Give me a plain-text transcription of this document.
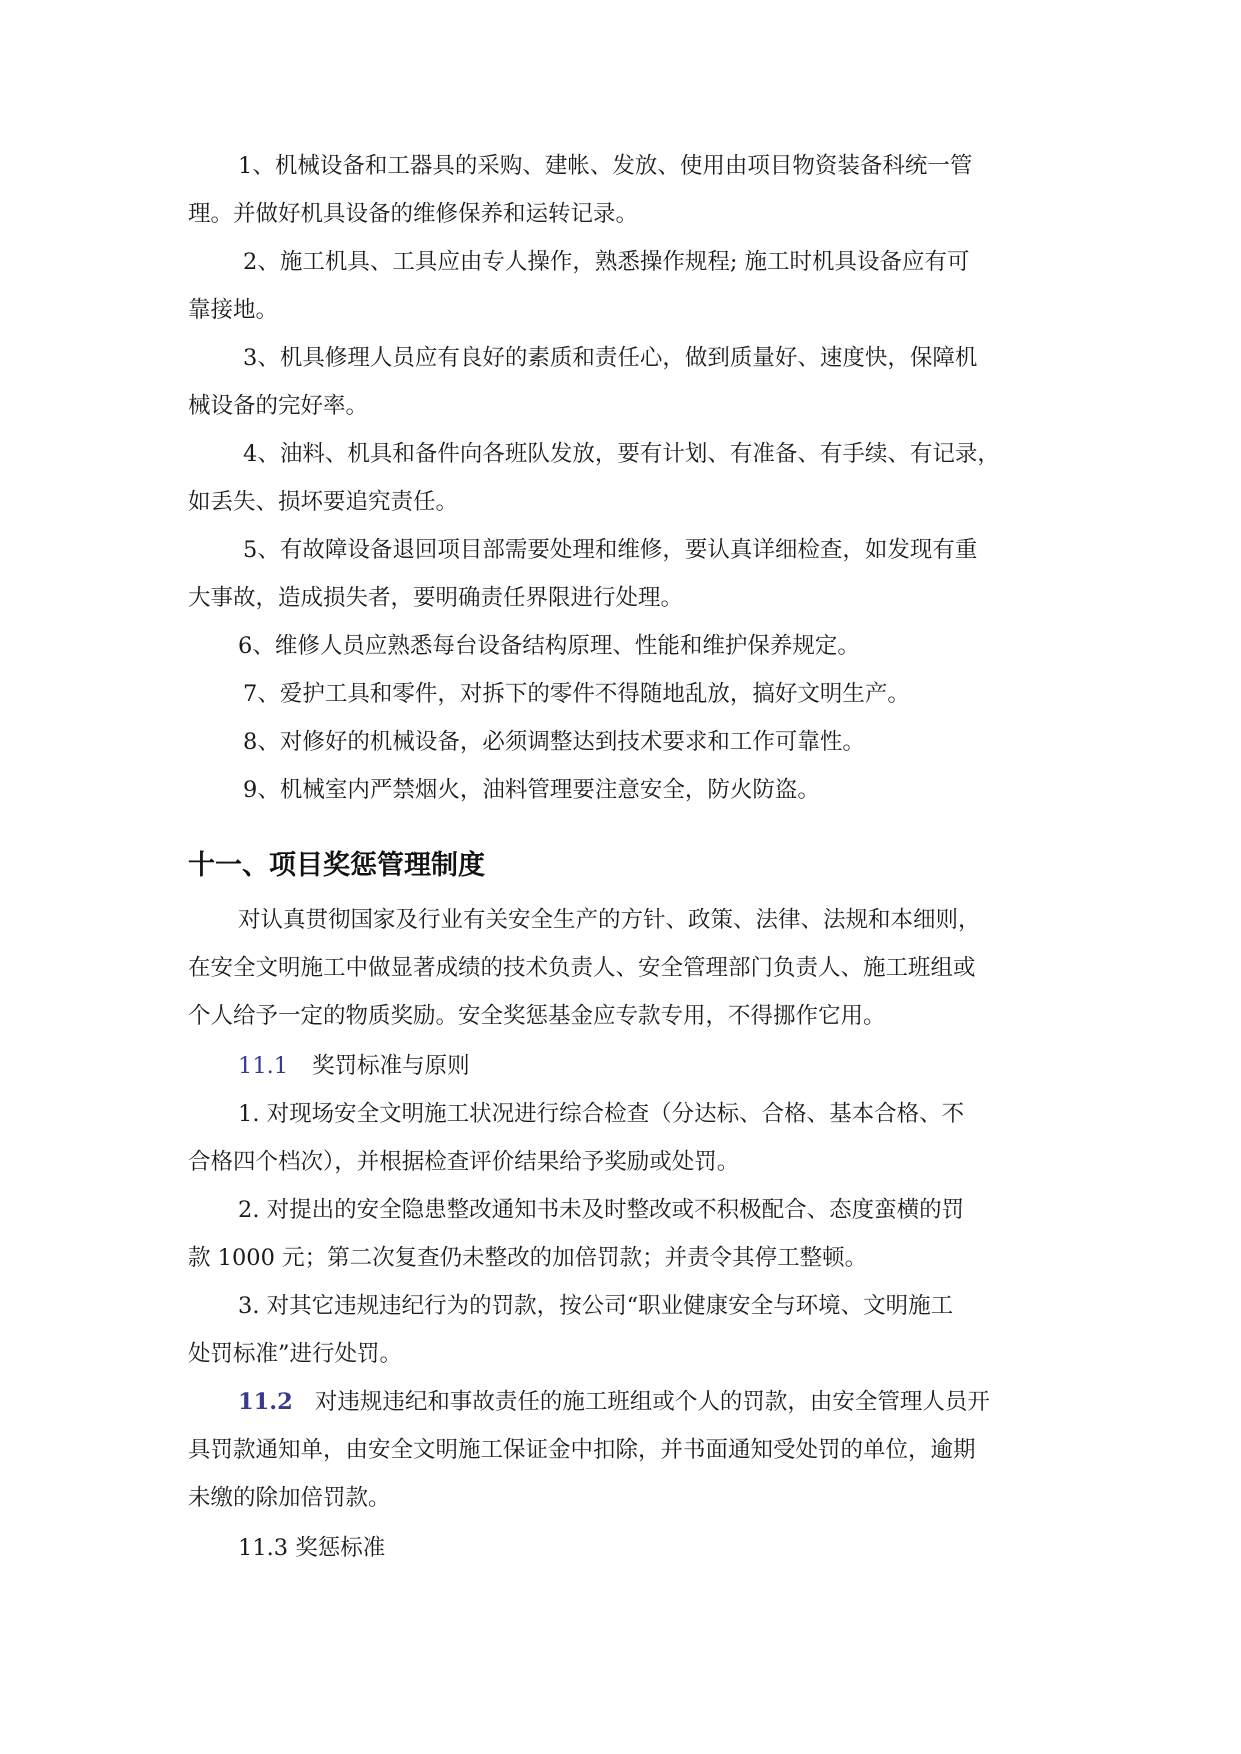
1、机械设备和工器具的采购、建帐、发放、使用由项目物资装备科统一管
理。并做好机具设备的维修保养和运转记录。
2、施工机具、工具应由专人操作，熟悉操作规程; 施工时机具设备应有可
靠接地。
3、机具修理人员应有良好的素质和责任心，做到质量好、速度快，保障机
械设备的完好率。
4、油料、机具和备件向各班队发放，要有计划、有准备、有手续、有记录，
如丢失、损坏要追究责任。
5、有故障设备退回项目部需要处理和维修，要认真详细检查，如发现有重
大事故，造成损失者，要明确责任界限进行处理。
6、维修人员应熟悉每台设备结构原理、性能和维护保养规定。
7、爱护工具和零件，对拆下的零件不得随地乱放，搞好文明生产。
8、对修好的机械设备，必须调整达到技术要求和工作可靠性。
9、机械室内严禁烟火，油料管理要注意安全，防火防盗。
十一、项目奖惩管理制度
对认真贯彻国家及行业有关安全生产的方针、政策、法律、法规和本细则，
在安全文明施工中做显著成绩的技术负责人、安全管理部门负责人、施工班组或
个人给予一定的物质奖励。安全奖惩基金应专款专用，不得挪作它用。
11.1 奖罚标准与原则
1. 对现场安全文明施工状况进行综合检查（分达标、合格、基本合格、不
合格四个档次），并根据检查评价结果给予奖励或处罚。
2. 对提出的安全隐患整改通知书未及时整改或不积极配合、态度蛮横的罚
款 1000 元；第二次复查仍未整改的加倍罚款；并责令其停工整顿。
3. 对其它违规违纪行为的罚款，按公司“职业健康安全与环境、文明施工
处罚标准”进行处罚。
11.2 对违规违纪和事故责任的施工班组或个人的罚款，由安全管理人员开
具罚款通知单，由安全文明施工保证金中扣除，并书面通知受处罚的单位，逾期
未缴的除加倍罚款。
11.3 奖惩标准
